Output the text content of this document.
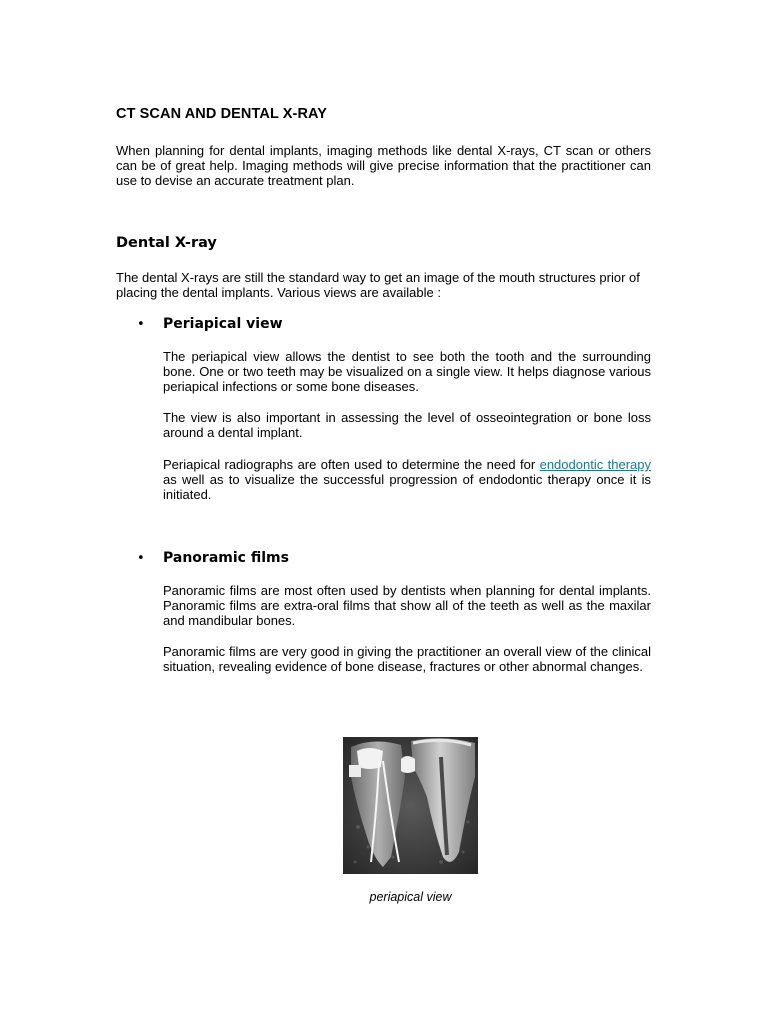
CT SCAN AND DENTAL X-RAY

When planning for dental implants, imaging methods like dental X-rays, CT scan or others can be of great help. Imaging methods will give precise information that the practitioner can use to devise an accurate treatment plan.

Dental X-ray

The dental X-rays are still the standard way to get an image of the mouth structures prior of placing the dental implants. Various views are available :

•	Periapical view

The periapical view allows the dentist to see both the tooth and the surrounding bone. One or two teeth may be visualized on a single view. It helps diagnose various periapical infections or some bone diseases.

The view is also important in assessing the level of osseointegration or bone loss around a dental implant.

Periapical radiographs are often used to determine the need for endodontic therapy as well as to visualize the successful progression of endodontic therapy once it is initiated.

•	Panoramic films

Panoramic films are most often used by dentists when planning for dental implants. Panoramic films are extra-oral films that show all of the teeth as well as the maxilar and mandibular bones.

Panoramic films are very good in giving the practitioner an overall view of the clinical situation, revealing evidence of bone disease, fractures or other abnormal changes.

periapical view
